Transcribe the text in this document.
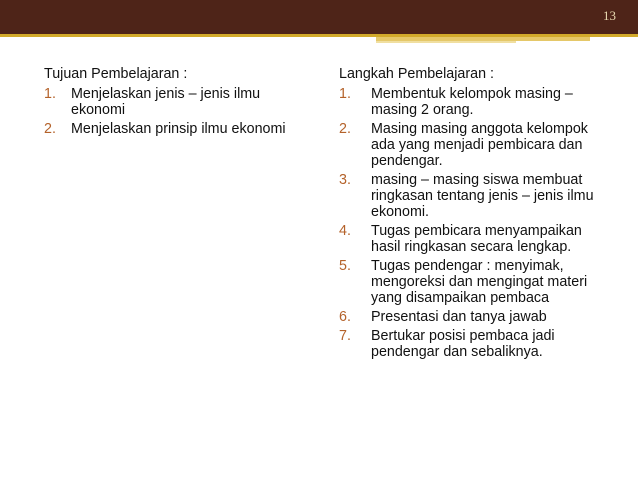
13
Tujuan Pembelajaran :
1.	Menjelaskan jenis – jenis ilmu ekonomi
2.	Menjelaskan prinsip ilmu ekonomi
Langkah Pembelajaran :
1.	Membentuk kelompok masing – masing 2 orang.
2.	Masing masing anggota kelompok ada yang menjadi pembicara dan pendengar.
3.	masing – masing siswa membuat ringkasan tentang jenis – jenis ilmu ekonomi.
4.	Tugas pembicara menyampaikan hasil ringkasan secara lengkap.
5.	Tugas pendengar : menyimak, mengoreksi dan mengingat materi yang disampaikan pembaca
6.	Presentasi dan tanya jawab
7.	Bertukar posisi pembaca jadi pendengar dan sebaliknya.
